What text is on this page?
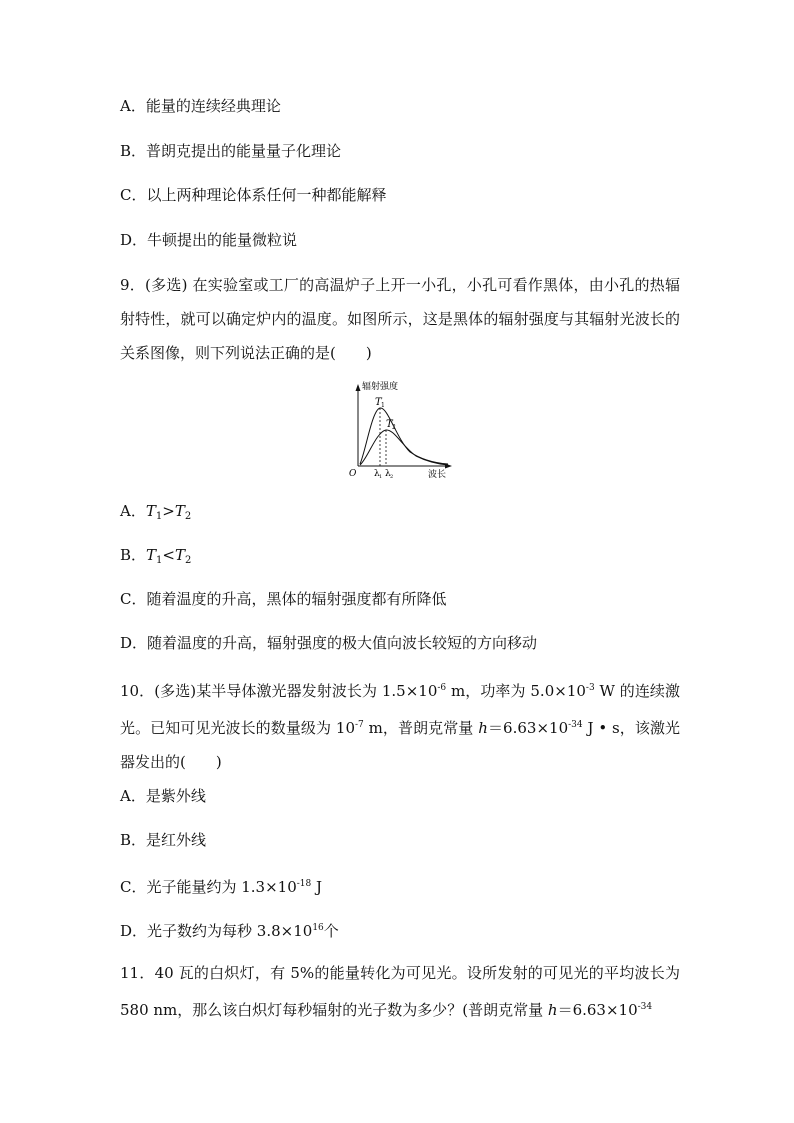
A．能量的连续经典理论
B．普朗克提出的能量量子化理论
C．以上两种理论体系任何一种都能解释
D．牛顿提出的能量微粒说
9．(多选) 在实验室或工厂的高温炉子上开一小孔，小孔可看作黑体，由小孔的热辐射特性，就可以确定炉内的温度。如图所示，这是黑体的辐射强度与其辐射光波长的关系图像，则下列说法正确的是(　　)
辐射强度
波长
O
T 1
T 2
λ 1 λ 2
A．$T_1>T_2$
B．$T_1<T_2$
C．随着温度的升高，黑体的辐射强度都有所降低
D．随着温度的升高，辐射强度的极大值向波长较短的方向移动
10．(多选)某半导体激光器发射波长为 $1.5\times 10^{-6}$ m，功率为 $5.0\times 10^{-3}$ W 的连续激光。已知可见光波长的数量级为 $10^{-7}$ m，普朗克常量 $h=6.63\times 10^{-34}$ J • s，该激光器发出的(　　)
A．是紫外线
B．是红外线
C．光子能量约为 $1.3\times 10^{-18}$ J
D．光子数约为每秒 $3.8\times 10^{16}$个
11．40 瓦的白炽灯，有 5%的能量转化为可见光。设所发射的可见光的平均波长为 580 nm，那么该白炽灯每秒辐射的光子数为多少？(普朗克常量 $h=6.63\times 10^{-34}$
